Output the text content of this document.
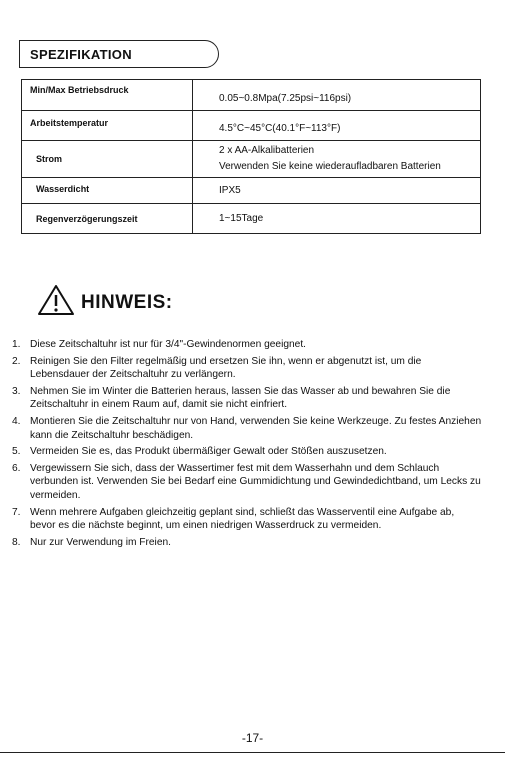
SPEZIFIKATION
Min/Max Betriebsdruck	0.05~0.8Mpa(7.25psi~116psi)

Arbeitstemperatur	4.5°C~45°C(40.1°F~113°F)

Strom	2 x AA-Alkalibatterien
Verwenden Sie keine wiederaufladbaren Batterien

Wasserdicht	IPX5

Regenverzögerungszeit	1~15Tage
HINWEIS:
1. Diese Zeitschaltuhr ist nur für 3/4"-Gewindenormen geeignet.
2. Reinigen Sie den Filter regelmäßig und ersetzen Sie ihn, wenn er abgenutzt ist, um die Lebensdauer der Zeitschaltuhr zu verlängern.
3. Nehmen Sie im Winter die Batterien heraus, lassen Sie das Wasser ab und bewahren Sie die Zeitschaltuhr in einem Raum auf, damit sie nicht einfriert.
4. Montieren Sie die Zeitschaltuhr nur von Hand, verwenden Sie keine Werkzeuge. Zu festes Anziehen kann die Zeitschaltuhr beschädigen.
5. Vermeiden Sie es, das Produkt übermäßiger Gewalt oder Stößen auszusetzen.
6. Vergewissern Sie sich, dass der Wassertimer fest mit dem Wasserhahn und dem Schlauch verbunden ist. Verwenden Sie bei Bedarf eine Gummidichtung und Gewindedichtband, um Lecks zu vermeiden.
7. Wenn mehrere Aufgaben gleichzeitig geplant sind, schließt das Wasserventil eine Aufgabe ab, bevor es die nächste beginnt, um einen niedrigen Wasserdruck zu vermeiden.
8. Nur zur Verwendung im Freien.
-17-
